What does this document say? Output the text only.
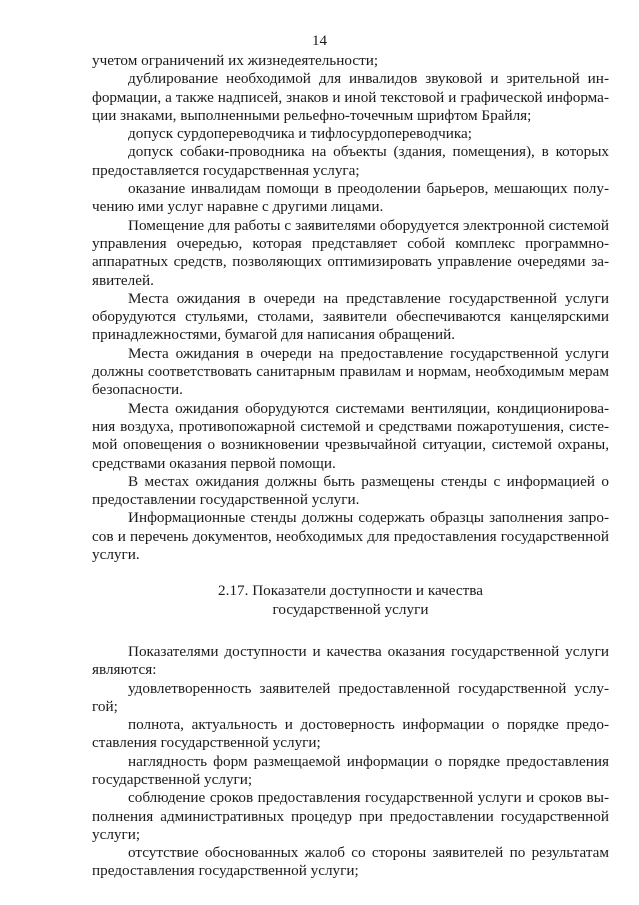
14

учетом ограничений их жизнедеятельности;

дублирование необходимой для инвалидов звуковой и зрительной информации, а также надписей, знаков и иной текстовой и графической информации знаками, выполненными рельефно-точечным шрифтом Брайля;

допуск сурдопереводчика и тифлосурдопереводчика;

допуск собаки-проводника на объекты (здания, помещения), в которых предоставляется государственная услуга;

оказание инвалидам помощи в преодолении барьеров, мешающих получению ими услуг наравне с другими лицами.

Помещение для работы с заявителями оборудуется электронной системой управления очередью, которая представляет собой комплекс программно-аппаратных средств, позволяющих оптимизировать управление очередями заявителей.

Места ожидания в очереди на представление государственной услуги оборудуются стульями, столами, заявители обеспечиваются канцелярскими принадлежностями, бумагой для написания обращений.

Места ожидания в очереди на предоставление государственной услуги должны соответствовать санитарным правилам и нормам, необходимым мерам безопасности.

Места ожидания оборудуются системами вентиляции, кондиционирования воздуха, противопожарной системой и средствами пожаротушения, системой оповещения о возникновении чрезвычайной ситуации, системой охраны, средствами оказания первой помощи.

В местах ожидания должны быть размещены стенды с информацией о предоставлении государственной услуги.

Информационные стенды должны содержать образцы заполнения запросов и перечень документов, необходимых для предоставления государственной услуги.

2.17. Показатели доступности и качества
государственной услуги

Показателями доступности и качества оказания государственной услуги являются:

удовлетворенность заявителей предоставленной государственной услугой;

полнота, актуальность и достоверность информации о порядке предоставления государственной услуги;

наглядность форм размещаемой информации о порядке предоставления государственной услуги;

соблюдение сроков предоставления государственной услуги и сроков выполнения административных процедур при предоставлении государственной услуги;

отсутствие обоснованных жалоб со стороны заявителей по результатам предоставления государственной услуги;
